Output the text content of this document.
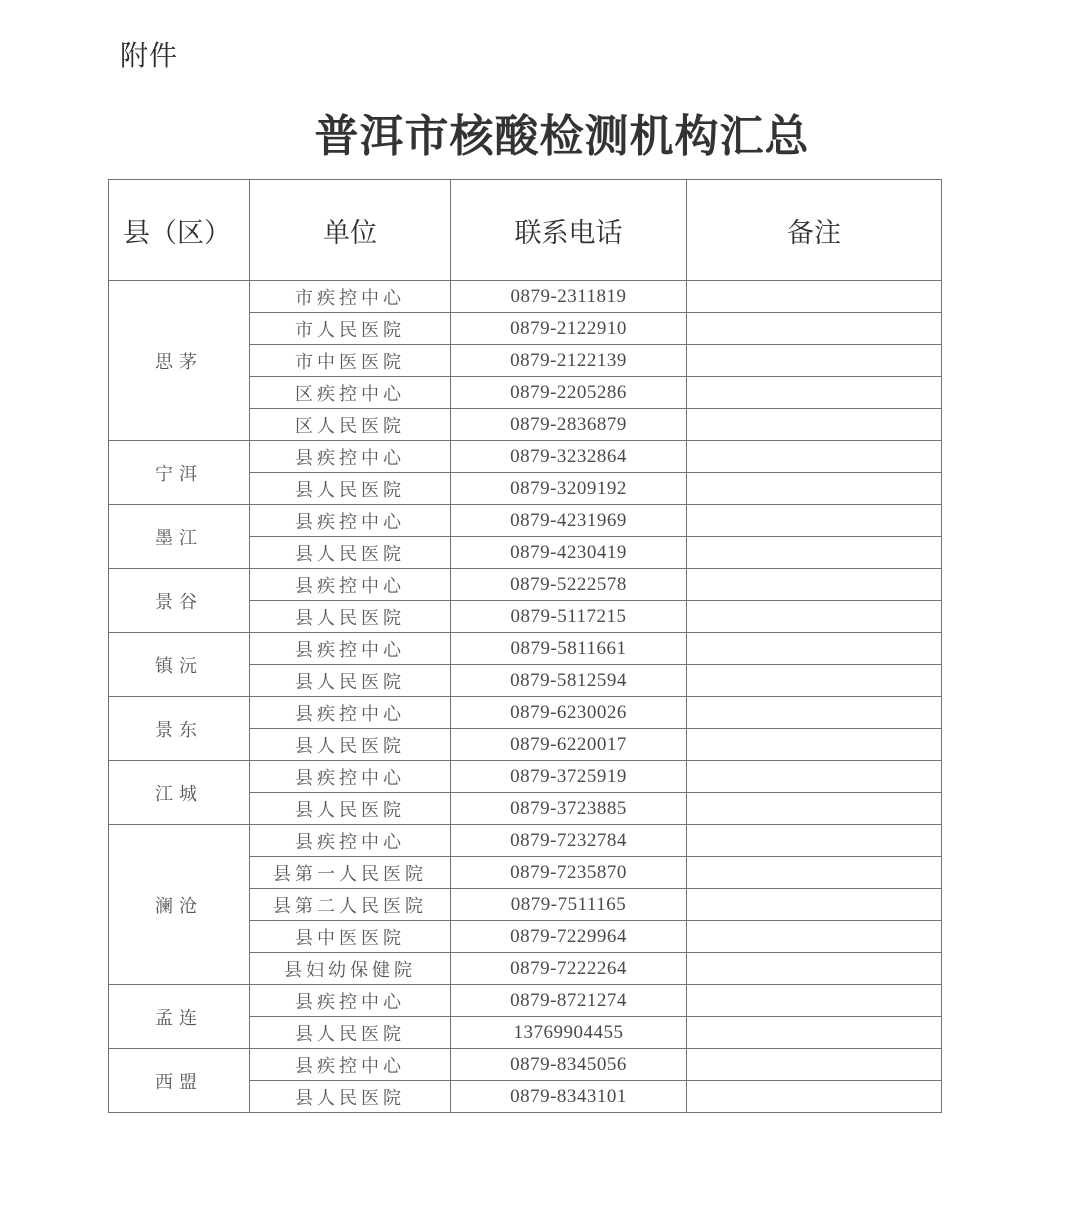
附件
普洱市核酸检测机构汇总
县（区）	单位	联系电话	备注
思茅	市疾控中心	0879-2311819	
	市人民医院	0879-2122910	
	市中医医院	0879-2122139	
	区疾控中心	0879-2205286	
	区人民医院	0879-2836879	
宁洱	县疾控中心	0879-3232864	
	县人民医院	0879-3209192	
墨江	县疾控中心	0879-4231969	
	县人民医院	0879-4230419	
景谷	县疾控中心	0879-5222578	
	县人民医院	0879-5117215	
镇沅	县疾控中心	0879-5811661	
	县人民医院	0879-5812594	
景东	县疾控中心	0879-6230026	
	县人民医院	0879-6220017	
江城	县疾控中心	0879-3725919	
	县人民医院	0879-3723885	
澜沧	县疾控中心	0879-7232784	
	县第一人民医院	0879-7235870	
	县第二人民医院	0879-7511165	
	县中医医院	0879-7229964	
	县妇幼保健院	0879-7222264	
孟连	县疾控中心	0879-8721274	
	县人民医院	13769904455	
西盟	县疾控中心	0879-8345056	
	县人民医院	0879-8343101	
